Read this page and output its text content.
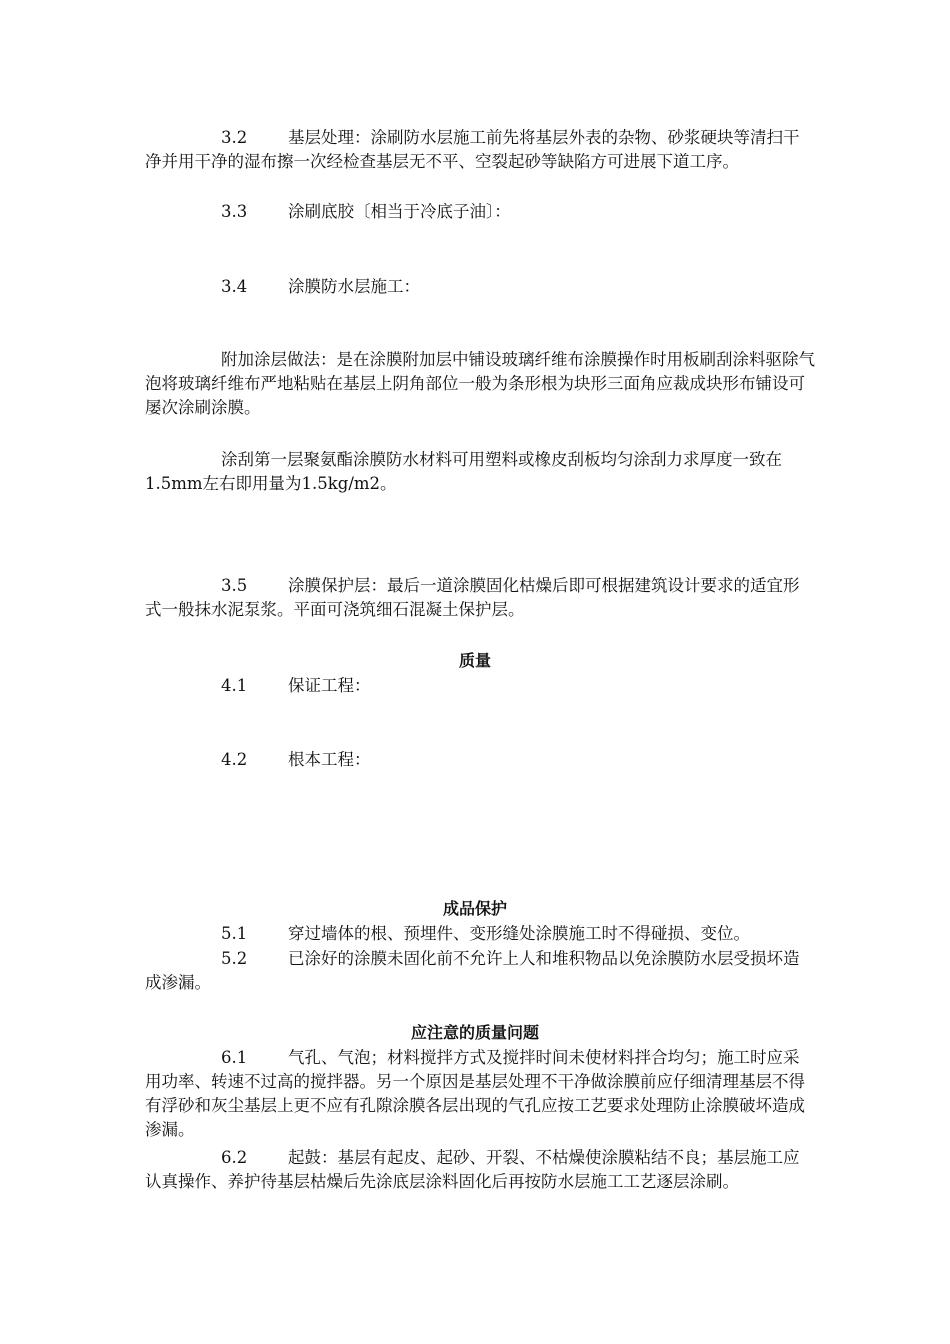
3.2 基层处理：涂刷防水层施工前先将基层外表的杂物、砂浆硬块等清扫干净并用干净的湿布擦一次经检查基层无不平、空裂起砂等缺陷方可进展下道工序。

3.3 涂刷底胶〔相当于冷底子油〕：

3.4 涂膜防水层施工：

附加涂层做法：是在涂膜附加层中铺设玻璃纤维布涂膜操作时用板刷刮涂料驱除气泡将玻璃纤维布严地粘贴在基层上阴角部位一般为条形根为块形三面角应裁成块形布铺设可屡次涂刷涂膜。

涂刮第一层聚氨酯涂膜防水材料可用塑料或橡皮刮板均匀涂刮力求厚度一致在1.5mm左右即用量为1.5kg/m2。

3.5 涂膜保护层：最后一道涂膜固化枯燥后即可根据建筑设计要求的适宜形式一般抹水泥泵浆。平面可浇筑细石混凝土保护层。

质量

4.1 保证工程：

4.2 根本工程：

成品保护

5.1 穿过墙体的根、预埋件、变形缝处涂膜施工时不得碰损、变位。

5.2 已涂好的涂膜未固化前不允许上人和堆积物品以免涂膜防水层受损坏造成渗漏。

应注意的质量问题

6.1 气孔、气泡；材料搅拌方式及搅拌时间未使材料拌合均匀；施工时应采用功率、转速不过高的搅拌器。另一个原因是基层处理不干净做涂膜前应仔细清理基层不得有浮砂和灰尘基层上更不应有孔隙涂膜各层出现的气孔应按工艺要求处理防止涂膜破坏造成渗漏。

6.2 起鼓：基层有起皮、起砂、开裂、不枯燥使涂膜粘结不良；基层施工应认真操作、养护待基层枯燥后先涂底层涂料固化后再按防水层施工工艺逐层涂刷。
